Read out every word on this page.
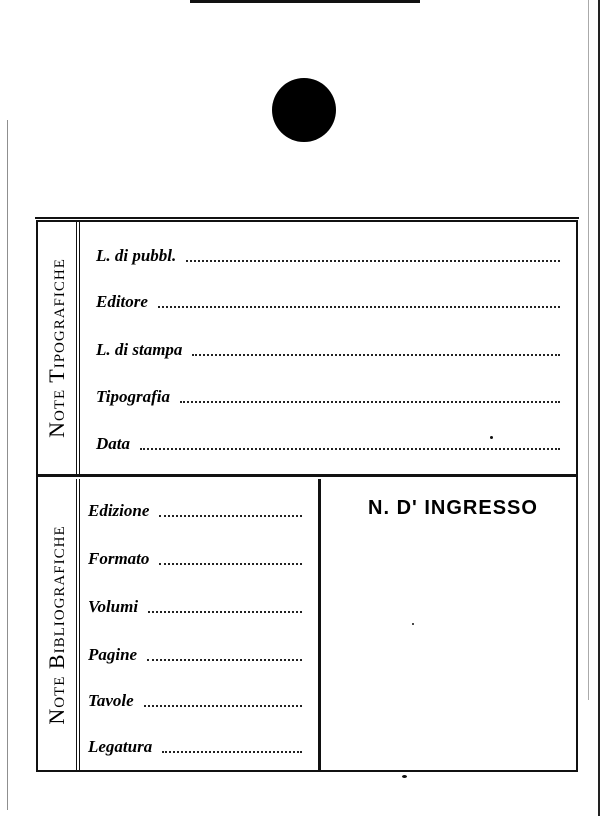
Note Tipografiche
L. di pubbl.
Editore
L. di stampa
Tipografia
Data
Note Bibliografiche
Edizione
Formato
Volumi
Pagine
Tavole
Legatura
N. D' INGRESSO
